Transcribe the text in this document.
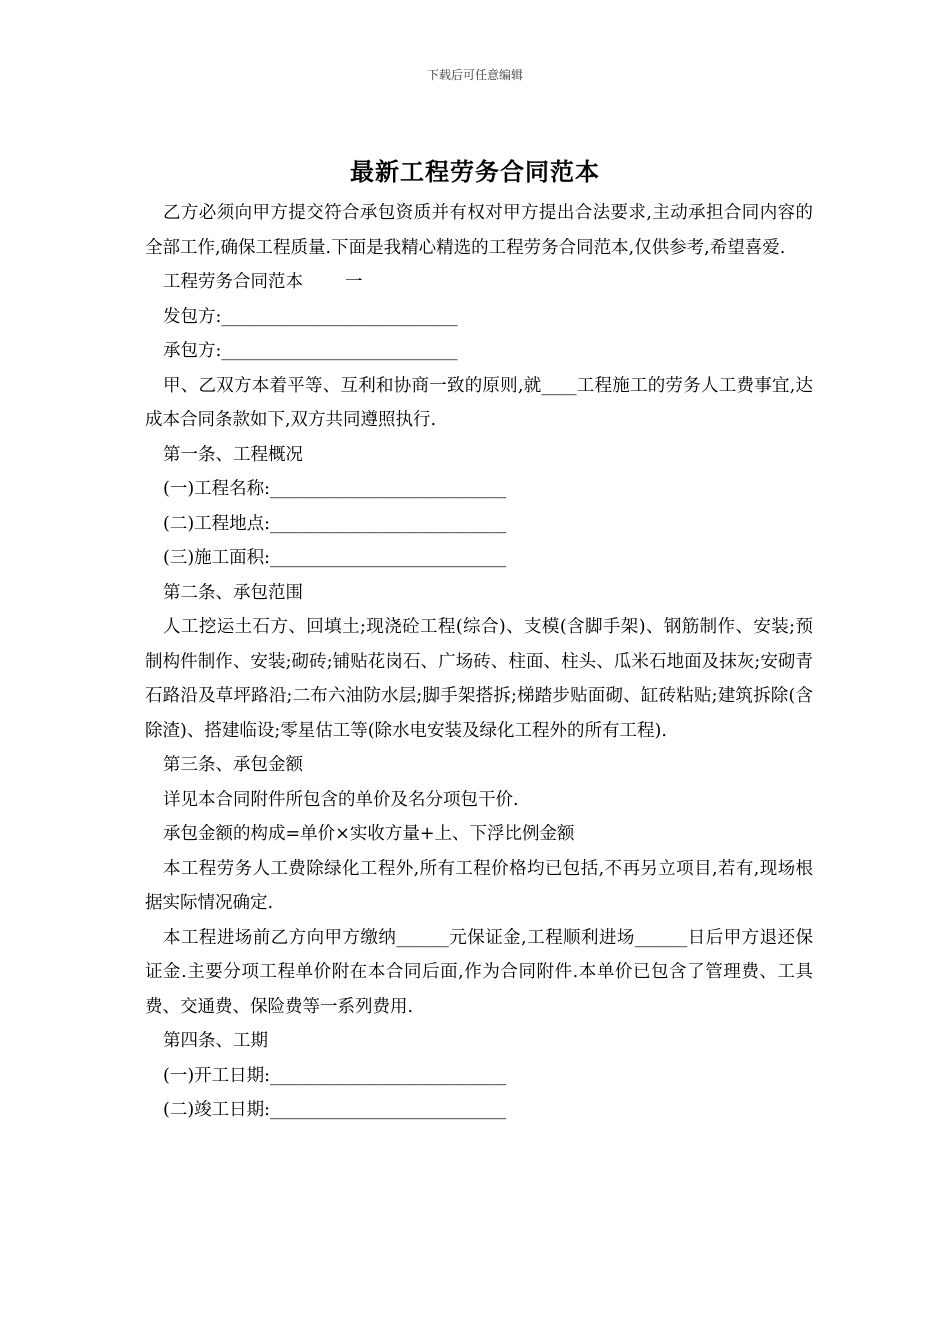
下载后可任意编辑
最新工程劳务合同范本

乙方必须向甲方提交符合承包资质并有权对甲方提出合法要求,主动承担合同内容的全部工作,确保工程质量.下面是我精心精选的工程劳务合同范本,仅供参考,希望喜爱.

工程劳务合同范本 一

发包方:___________________________

承包方:___________________________

甲、乙双方本着平等、互利和协商一致的原则,就____工程施工的劳务人工费事宜,达成本合同条款如下,双方共同遵照执行.

第一条、工程概况

(一)工程名称:___________________________

(二)工程地点:___________________________

(三)施工面积:___________________________

第二条、承包范围

人工挖运土石方、回填土;现浇砼工程(综合)、支模(含脚手架)、钢筋制作、安装;预制构件制作、安装;砌砖;铺贴花岗石、广场砖、柱面、柱头、瓜米石地面及抹灰;安砌青石路沿及草坪路沿;二布六油防水层;脚手架搭拆;梯踏步贴面砌、缸砖粘贴;建筑拆除(含除渣)、搭建临设;零星估工等(除水电安装及绿化工程外的所有工程).

第三条、承包金额

详见本合同附件所包含的单价及名分项包干价.

承包金额的构成=单价×实收方量+上、下浮比例金额

本工程劳务人工费除绿化工程外,所有工程价格均已包括,不再另立项目,若有,现场根据实际情况确定.

本工程进场前乙方向甲方缴纳______元保证金,工程顺利进场______日后甲方退还保证金.主要分项工程单价附在本合同后面,作为合同附件.本单价已包含了管理费、工具费、交通费、保险费等一系列费用.

第四条、工期

(一)开工日期:___________________________

(二)竣工日期:___________________________
